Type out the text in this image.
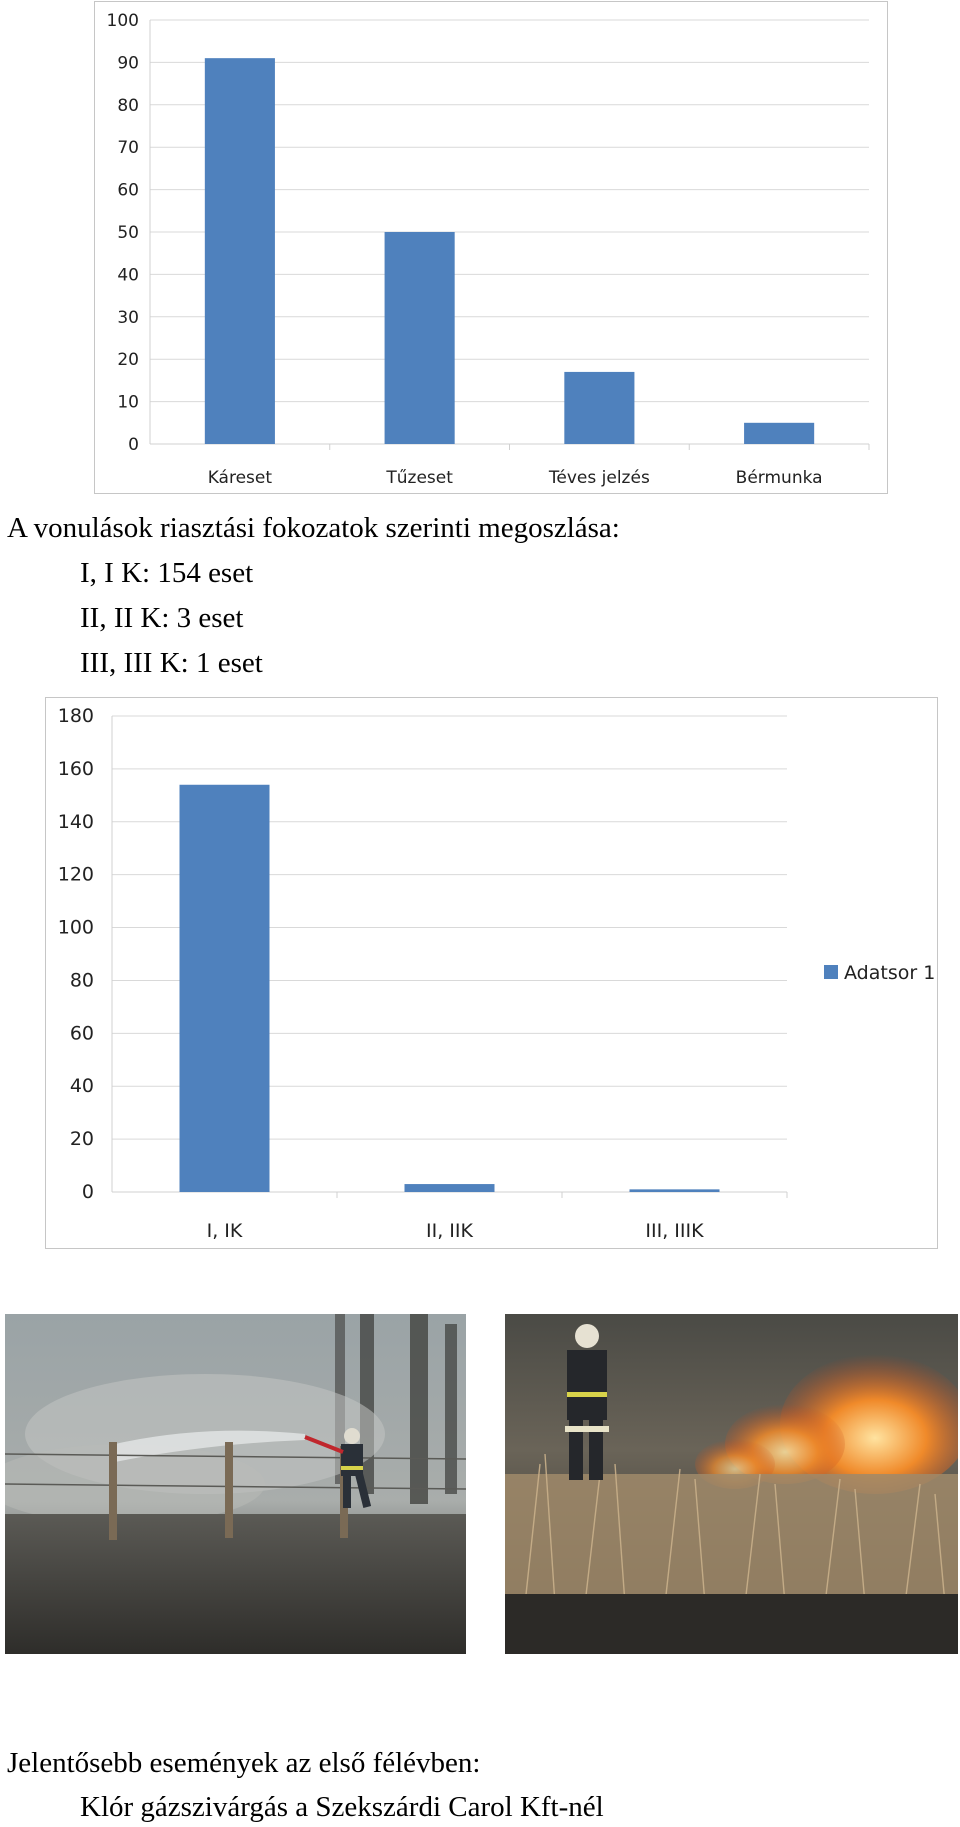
0
10
20
30
40
50
60
70
80
90
100
Káreset	Tűzeset	Téves jelzés	Bérmunka
A vonulások riasztási fokozatok szerinti megoszlása:
I, I K: 154 eset
II, II K: 3 eset
III, III K: 1 eset
0
20
40
60
80
100
120
140
160
180
I, IK	II, IIK	III, IIIK
Adatsor 1
Jelentősebb események az első félévben:
Klór gázszivárgás a Szekszárdi Carol Kft-nél
